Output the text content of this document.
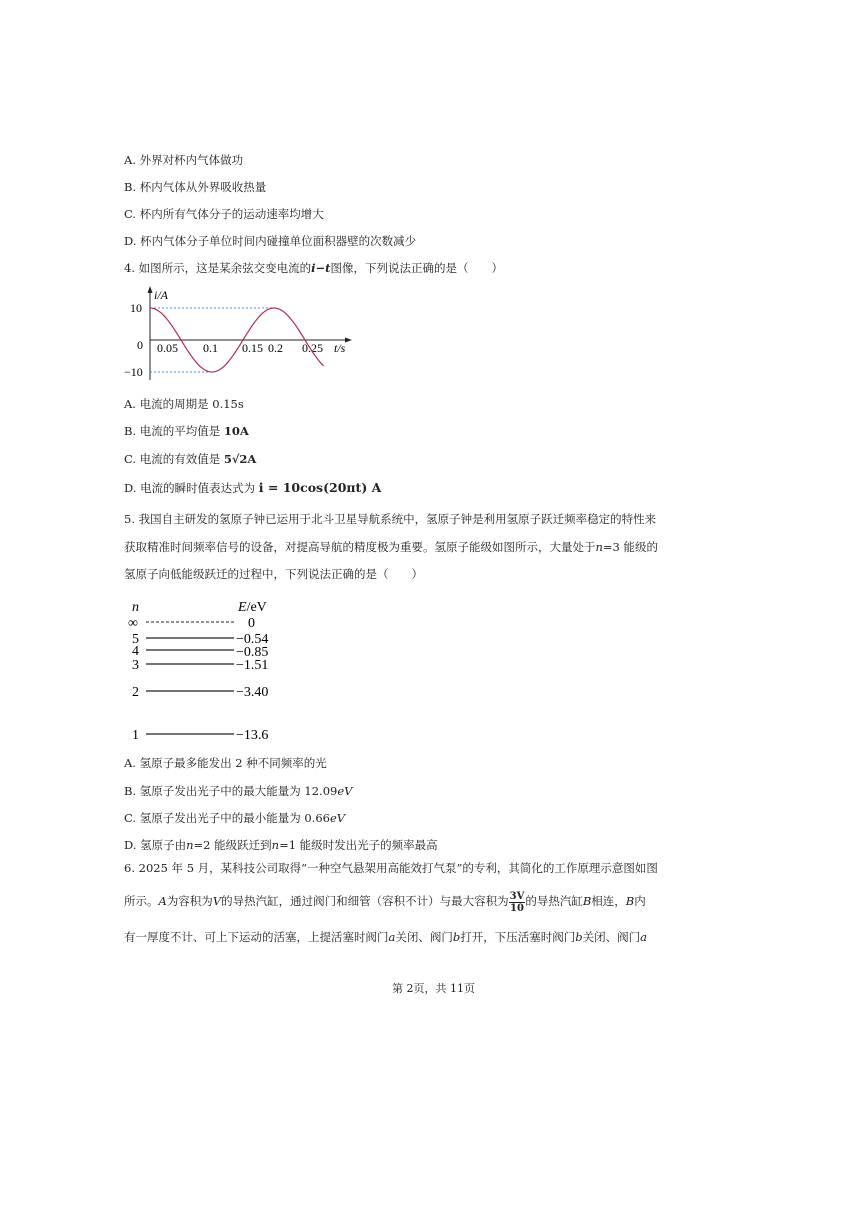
A. 外界对杯内气体做功
B. 杯内气体从外界吸收热量
C. 杯内所有气体分子的运动速率均增大
D. 杯内气体分子单位时间内碰撞单位面积器壁的次数减少
4. 如图所示，这是某余弦交变电流的i−t图像，下列说法正确的是（　　）
i/A
t/s
10
0
−10
0.05 0.1 0.15 0.2 0.25
A. 电流的周期是 0.15s
B. 电流的平均值是 10A
C. 电流的有效值是 5√2A
D. 电流的瞬时值表达式为 i = 10cos(20πt) A

5. 我国自主研发的氢原子钟已运用于北斗卫星导航系统中，氢原子钟是利用氢原子跃迁频率稳定的特性来

获取精准时间频率信号的设备，对提高导航的精度极为重要。氢原子能级如图所示，大量处于n=3 能级的

氢原子向低能级跃迁的过程中，下列说法正确的是（　　）

n	E/eV
∞
5
4
3
2
1
0
−0.54
−0.85
−1.51
−3.40
−13.6
A. 氢原子最多能发出 2 种不同频率的光
B. 氢原子发出光子中的最大能量为 12.09eV
C. 氢原子发出光子中的最小能量为 0.66eV
D. 氢原子由n=2 能级跃迁到n=1 能级时发出光子的频率最高
6. 2025 年 5 月，某科技公司取得“一种空气悬架用高能效打气泵”的专利，其简化的工作原理示意图如图
所示。A为容积为V的导热汽缸，通过阀门和细管（容积不计）与最大容积为 $\frac{3V}{10}$ 的导热汽缸B相连，B内
有一厚度不计、可上下运动的活塞，上提活塞时阀门a关闭、阀门b打开，下压活塞时阀门b关闭、阀门a
第 2页，共 11页
